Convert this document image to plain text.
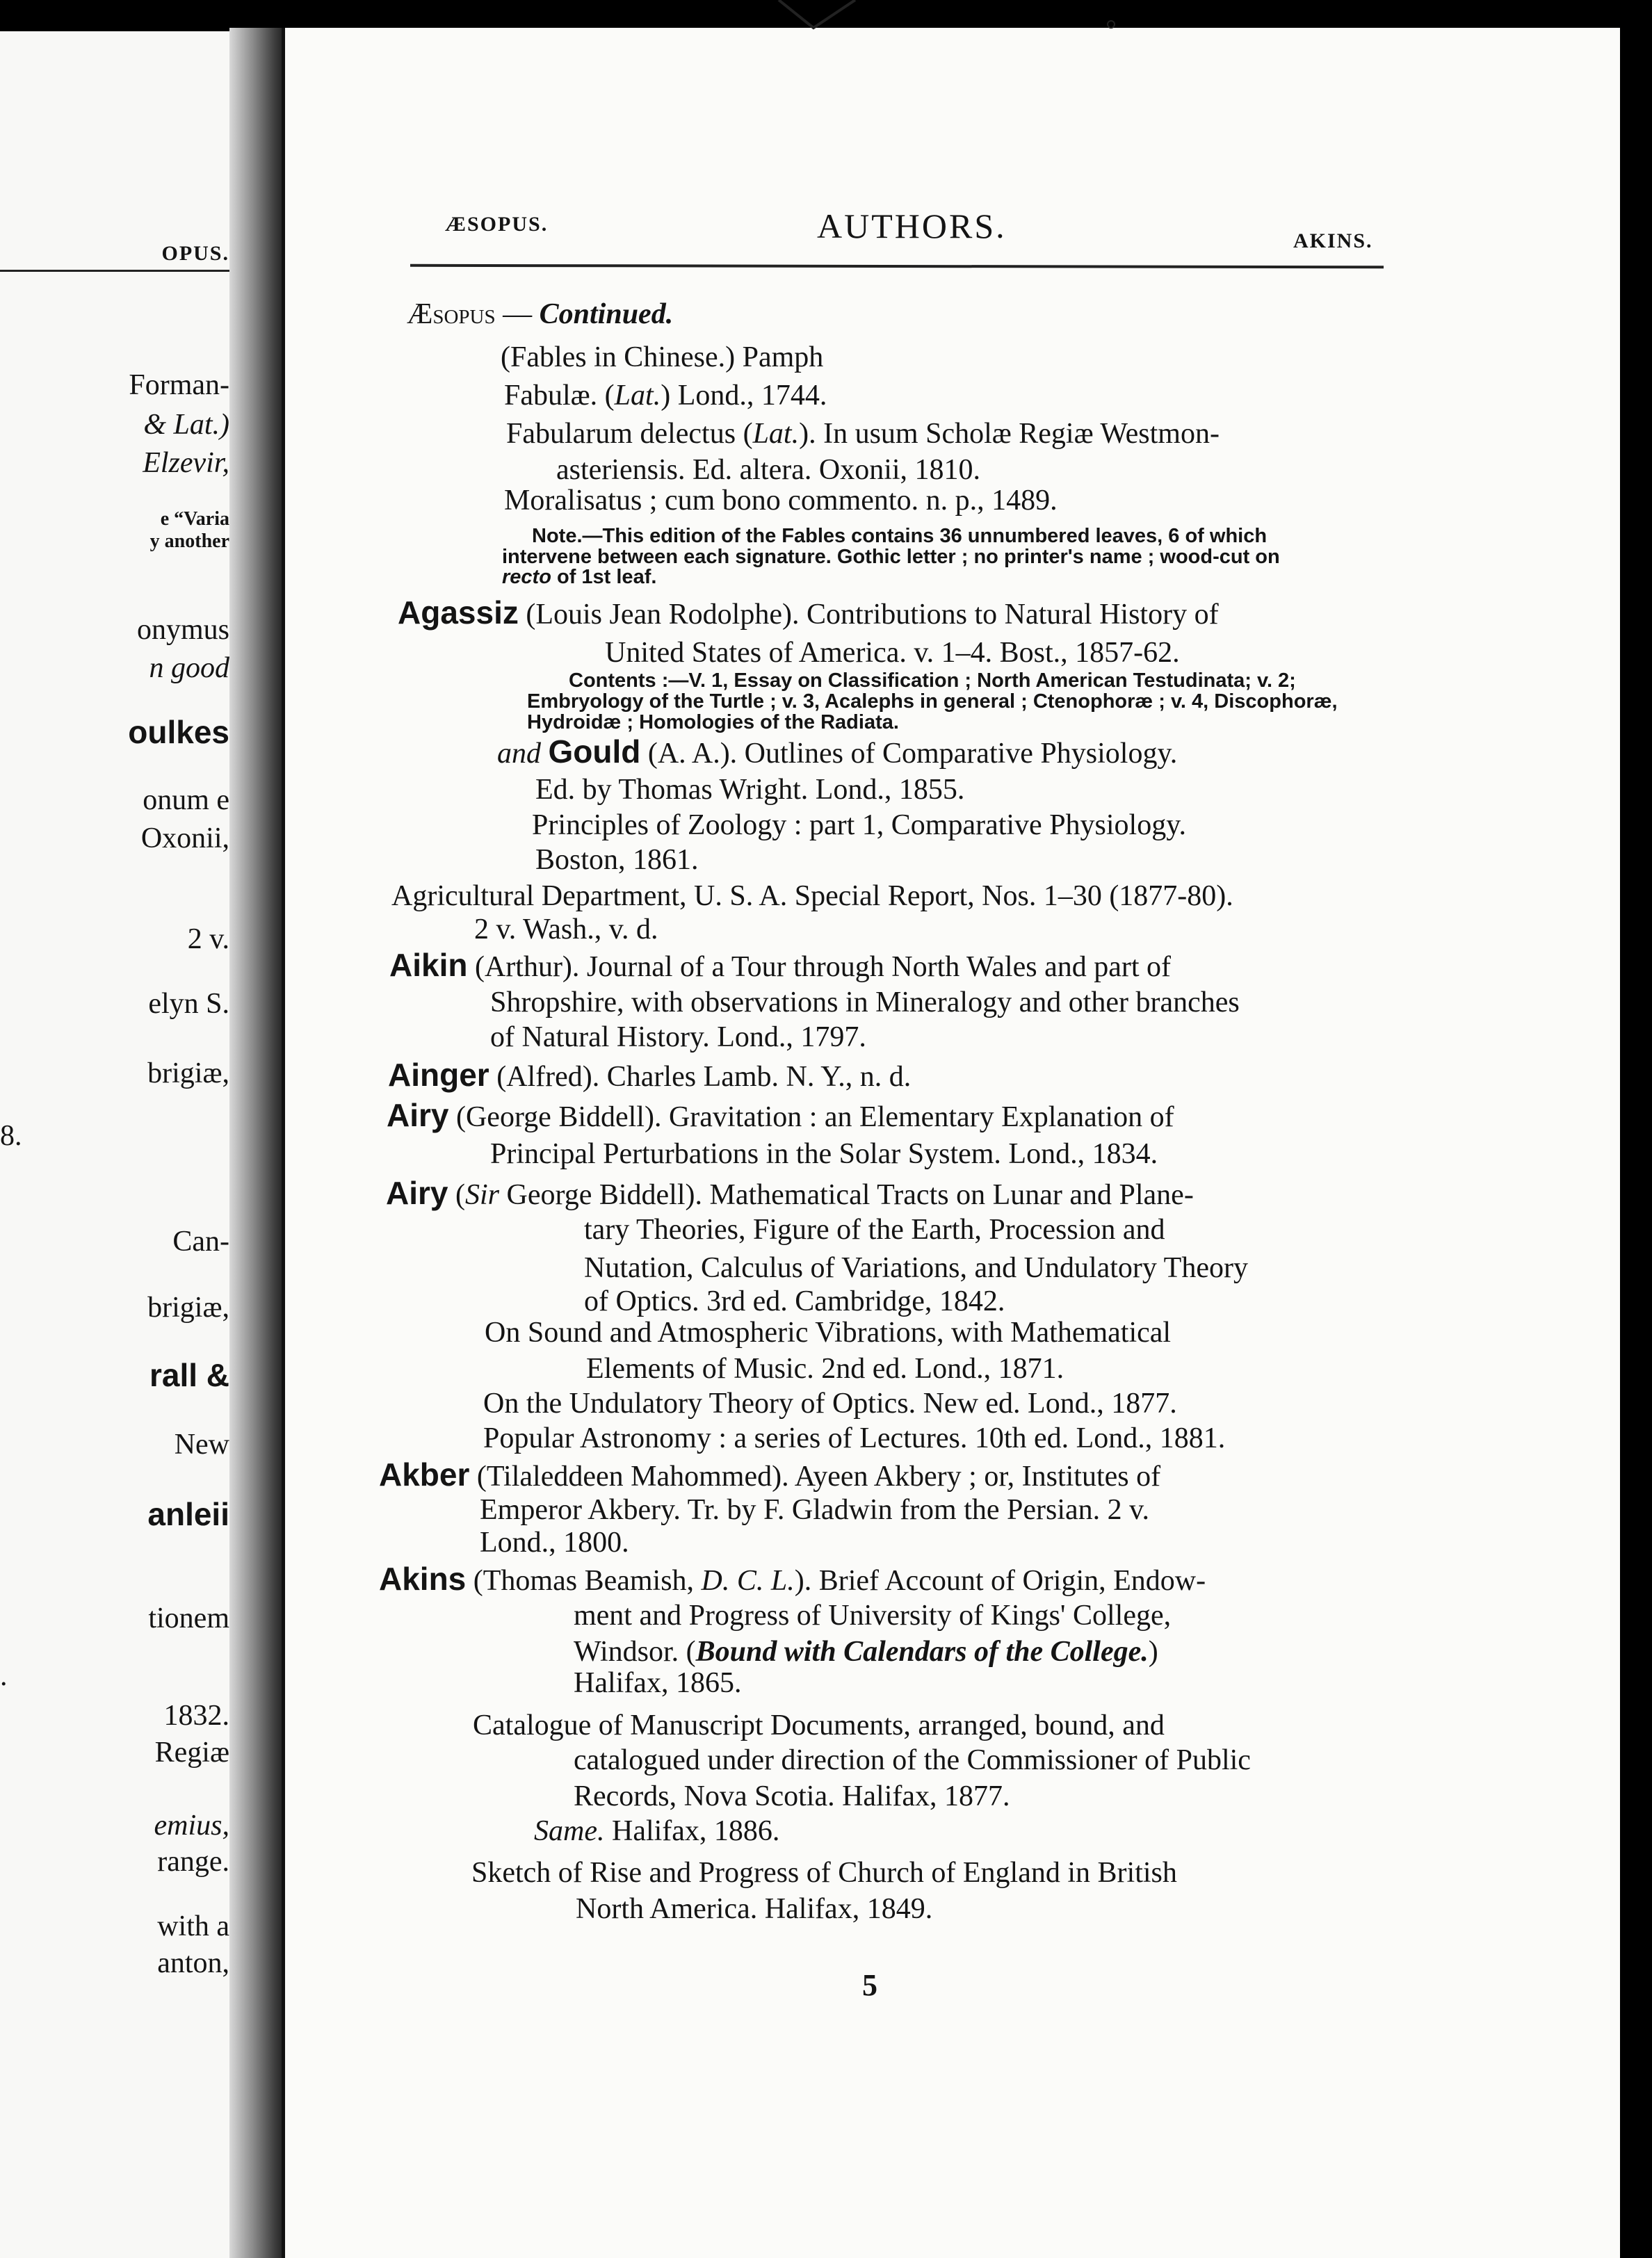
OPUS.
Forman-
& Lat.)
Elzevir,
e “Varia
y another
onymus
n good
oulkes
onum e
Oxonii,
2 v.
elyn S.
brigiæ,
8.
Can-
brigiæ,
rall &
New
anleii
tionem
.
1832.
Regiæ
emius,
range.
with a
anton,
ÆSOPUS.	AUTHORS.	AKINS.
Æsopus — Continued.
(Fables in Chinese.) Pamph
Fabulæ. (Lat.) Lond., 1744.
Fabularum delectus (Lat.). In usum Scholæ Regiæ Westmon-
asteriensis. Ed. altera. Oxonii, 1810.
Moralisatus ; cum bono commento. n. p., 1489.
Note.—This edition of the Fables contains 36 unnumbered leaves, 6 of which
intervene between each signature. Gothic letter ; no printer's name ; wood-cut on
recto of 1st leaf.
Agassiz (Louis Jean Rodolphe). Contributions to Natural History of
United States of America. v. 1–4. Bost., 1857-62.
Contents :—V. 1, Essay on Classification ; North American Testudinata; v. 2;
Embryology of the Turtle ; v. 3, Acalephs in general ; Ctenophoræ ; v. 4, Discophoræ,
Hydroidæ ; Homologies of the Radiata.
and Gould (A. A.). Outlines of Comparative Physiology.
Ed. by Thomas Wright. Lond., 1855.
Principles of Zoology : part 1, Comparative Physiology.
Boston, 1861.
Agricultural Department, U. S. A. Special Report, Nos. 1–30 (1877-80).
2 v. Wash., v. d.
Aikin (Arthur). Journal of a Tour through North Wales and part of
Shropshire, with observations in Mineralogy and other branches
of Natural History. Lond., 1797.
Ainger (Alfred). Charles Lamb. N. Y., n. d.
Airy (George Biddell). Gravitation : an Elementary Explanation of
Principal Perturbations in the Solar System. Lond., 1834.
Airy (Sir George Biddell). Mathematical Tracts on Lunar and Plane-
tary Theories, Figure of the Earth, Procession and
Nutation, Calculus of Variations, and Undulatory Theory
of Optics. 3rd ed. Cambridge, 1842.
On Sound and Atmospheric Vibrations, with Mathematical
Elements of Music. 2nd ed. Lond., 1871.
On the Undulatory Theory of Optics. New ed. Lond., 1877.
Popular Astronomy : a series of Lectures. 10th ed. Lond., 1881.
Akber (Tilaleddeen Mahommed). Ayeen Akbery ; or, Institutes of
Emperor Akbery. Tr. by F. Gladwin from the Persian. 2 v.
Lond., 1800.
Akins (Thomas Beamish, D. C. L.). Brief Account of Origin, Endow-
ment and Progress of University of Kings' College,
Windsor. (Bound with Calendars of the College.)
Halifax, 1865.
Catalogue of Manuscript Documents, arranged, bound, and
catalogued under direction of the Commissioner of Public
Records, Nova Scotia. Halifax, 1877.
Same. Halifax, 1886.
Sketch of Rise and Progress of Church of England in British
North America. Halifax, 1849.
5
